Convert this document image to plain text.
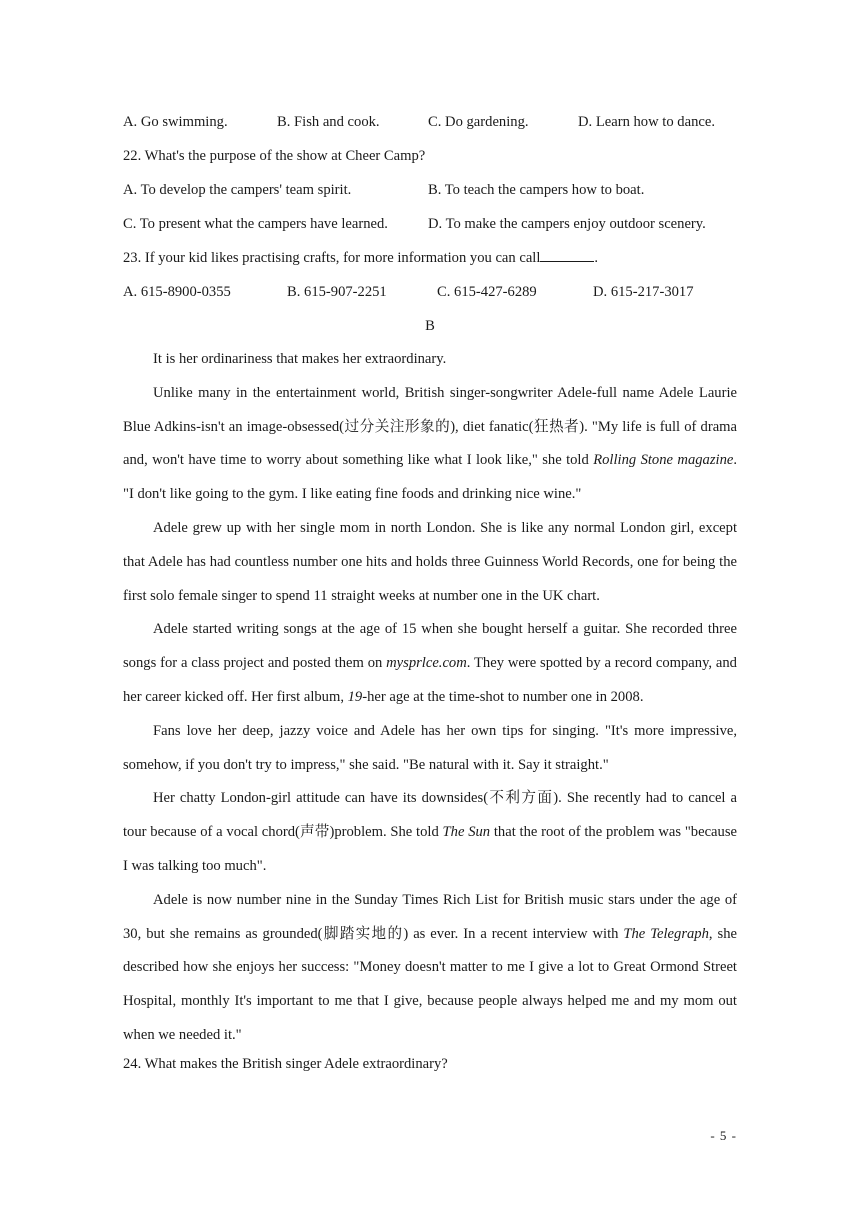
A. Go swimming.	B. Fish and cook.	C. Do gardening.	D. Learn how to dance.
22. What's the purpose of the show at Cheer Camp?
A. To develop the campers' team spirit.	B. To teach the campers how to boat.
C. To present what the campers have learned.	D. To make the campers enjoy outdoor scenery.
23. If your kid likes practising crafts, for more information you can call	.
A. 615-8900-0355	B. 615-907-2251	C. 615-427-6289	D. 615-217-3017
B

It is her ordinariness that makes her extraordinary.

Unlike many in the entertainment world, British singer-songwriter Adele-full name Adele Laurie Blue Adkins-isn't an image-obsessed(过分关注形象的), diet fanatic(狂热者). "My life is full of drama and, won't have time to worry about something like what I look like," she told Rolling Stone magazine. "I don't like going to the gym. I like eating fine foods and drinking nice wine."

Adele grew up with her single mom in north London. She is like any normal London girl, except that Adele has had countless number one hits and holds three Guinness World Records, one for being the first solo female singer to spend 11 straight weeks at number one in the UK chart.

Adele started writing songs at the age of 15 when she bought herself a guitar. She recorded three songs for a class project and posted them on mysprlce.com. They were spotted by a record company, and her career kicked off. Her first album, 19-her age at the time-shot to number one in 2008.

Fans love her deep, jazzy voice and Adele has her own tips for singing. "It's more impressive, somehow, if you don't try to impress," she said. "Be natural with it. Say it straight."

Her chatty London-girl attitude can have its downsides(不利方面). She recently had to cancel a tour because of a vocal chord(声带)problem. She told The Sun that the root of the problem was "because I was talking too much".

Adele is now number nine in the Sunday Times Rich List for British music stars under the age of 30, but she remains as grounded(脚踏实地的) as ever. In a recent interview with The Telegraph, she described how she enjoys her success: "Money doesn't matter to me I give a lot to Great Ormond Street Hospital, monthly It's important to me that I give, because people always helped me and my mom out when we needed it."

24. What makes the British singer Adele extraordinary?
- 5 -
